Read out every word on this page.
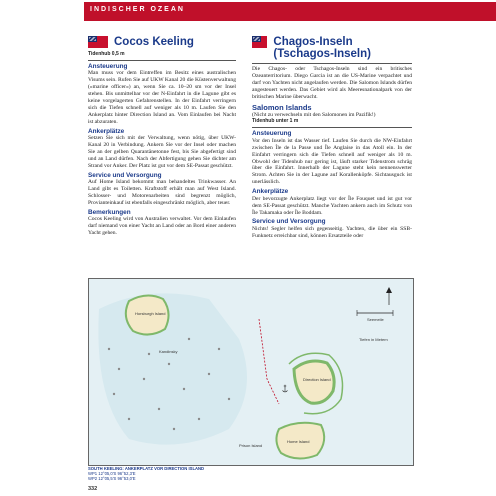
INDISCHER OZEAN
Cocos Keeling
Tidenhub 0,5 m
Ansteuerung

Man muss vor dem Eintreffen im Besitz eines australischen Visums sein. Rufen Sie auf UKW Kanal 20 die Küstenverwaltung (»marine officer«) an, wenn Sie ca. 10–20 sm vor der Insel stehen. Bis unmittelbar vor der N-Einfahrt in die Lagune gibt es keine vorgelagerten Gefahrenstellen. In der Einfahrt verringern sich die Tiefen schnell auf weniger als 10 m. Laufen Sie den Ankerplatz hinter Direction Island an. Vom Einlaufen bei Nacht ist abzuraten.

Ankerplätze

Setzen Sie sich mit der Verwaltung, wenn nötig, über UKW-Kanal 20 in Verbindung. Ankern Sie vor der Insel oder machen Sie an der gelben Quarantänetonne fest, bis Sie abgefertigt sind und an Land dürfen. Nach der Abfertigung gehen Sie dichter am Strand vor Anker. Der Platz ist gut vor dem SE-Passat geschützt.

Service und Versorgung

Auf Home Island bekommt man behandeltes Trinkwasser. An Land gibt es Toiletten. Kraftstoff erhält man auf West Island. Schlosser- und Motorenarbeiten sind begrenzt möglich, Provianteinkauf ist ebenfalls eingeschränkt möglich, aber teuer.

Bemerkungen

Cocos Keeling wird von Australien verwaltet. Vor dem Einlaufen darf niemand von einer Yacht an Land oder an Bord einer anderen Yacht gehen.

Chagos-Inseln (Tschagos-Inseln)

Die Chagos- oder Tschagos-Inseln sind ein britisches Ozeanterritorium. Diego Garcia ist an die US-Marine verpachtet und darf von Yachten nicht angelaufen werden. Die Salomon Islands dürfen angesteuert werden. Das Gebiet wird als Meeresnationalpark von der britischen Marine überwacht.

Salomon Islands

(Nicht zu verwechseln mit den Salomonen im Pazifik!)

Tidenhub unter 1 m
Ansteuerung

Vor den Inseln ist das Wasser tief. Laufen Sie durch die NW-Einfahrt zwischen Île de la Passe und Île Anglaise in das Atoll ein. In der Einfahrt verringern sich die Tiefen schnell auf weniger als 10 m. Obwohl der Tidenhub nur gering ist, läuft starker Tidenstrom schräg über die Einfahrt. Innerhalb der Lagune steht kein nennenswerter Strom. Achten Sie in der Lagune auf Korallenköpfe. Sichtausguck ist unerlässlich.

Ankerplätze

Der bevorzugte Ankerplatz liegt vor der Île Fouquet und ist gut vor dem SE-Passat geschützt. Manche Yachten ankern auch im Schutz von Île Takamaka oder Île Boddam.

Service und Versorgung

Nichts! Segler helfen sich gegenseitig. Yachten, die über ein SSB-Funknetz erreichbar sind, können Ersatzteile oder

Horsburgh Island
Kandinsky
Direction Island
Home Island
Prison Island
Seemeile
Tiefen in Metern
SOUTH KEELING: ANKERPLATZ VOR DIRECTION ISLAND
WP1 12°05,0'S 96°52,3'E
WP2 12°05,5'S 96°53,0'E
332
